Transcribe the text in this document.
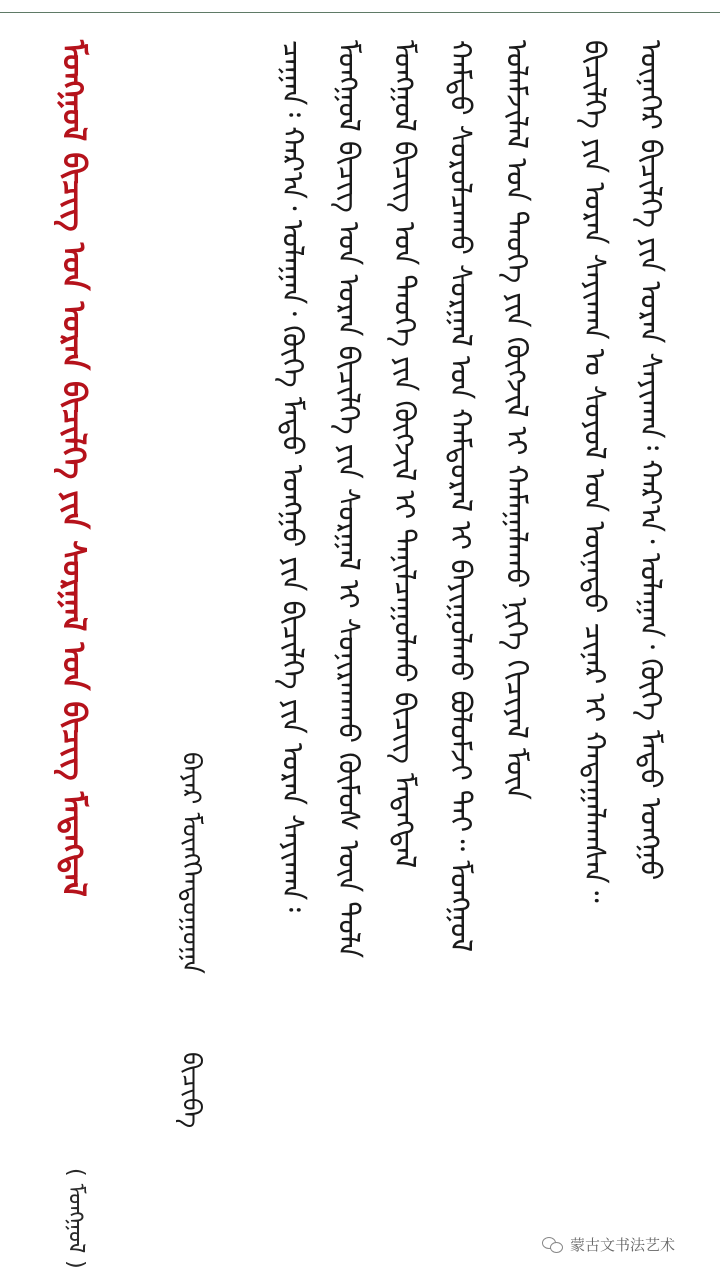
ᠮᠣᠩᠭᠣᠯ ᠪᠢᠴᠢᠭ ᠤᠨ ᠤᠷᠠᠨ ᠪᠢᠴᠢᠯᠭᠡ ᠶᠢᠨ ᠰᠤᠷᠭᠠᠯ ᠤᠨ ᠪᠢᠴᠢᠭ ᠮᠡᠳᠡᠭᠳᠡᠯ
( ᠮᠣᠩᠭᠣᠯ )
ᠪᠠᠶᠠᠷ ᠮᠥᠩᠭᠡᠨᠲᠣᠭᠣᠭᠠ ᠪᠢᠴᠢᠪᠡ
ᠴᠠᠭᠠᠨ᠄ ᠬᠠᠷ᠎ᠠ᠂ ᠤᠯᠠᠭᠠᠨ᠂ ᠬᠥᠬᠡ ᠮᠡᠲᠦ ᠣᠩᠭᠣ ᠶᠢᠨ ᠪᠢᠴᠢᠯᠭᠡ ᠶᠢᠨ ᠤᠷᠠᠨ ᠰᠠᠶᠢᠬᠠᠨ᠄ ᠮᠣᠩᠭᠣᠯ ᠪᠢᠴᠢᠭ ᠤᠨ ᠤᠷᠠᠨ ᠪᠢᠴᠢᠯᠭᠡ ᠶᠢᠨ ᠰᠤᠷᠭᠠᠯ ᠢ ᠰᠣᠨᠢᠷᠬᠠᠬᠤ ᠬᠦᠮᠦᠰ ᠦᠨ ᠲᠤᠯᠠ ᠮᠣᠩᠭᠣᠯ ᠪᠢᠴᠢᠭ ᠤᠨ ᠲᠡᠦᠬᠡ ᠶᠢᠨ ᠬᠥᠭᠵᠢᠯ ᠢ ᠲᠠᠨᠢᠯᠴᠠᠭᠤᠯᠬᠤ ᠪᠢᠴᠢᠭ ᠮᠡᠳᠡᠭᠳᠡᠯ ᠬᠠᠮᠲᠤ ᠰᠤᠷᠤᠯᠴᠠᠬᠤ ᠰᠤᠷᠭᠠᠯ ᠤᠨ ᠬᠠᠮᠲᠤᠷᠠᠯ ᠢ ᠪᠠᠶᠢᠭᠤᠯᠬᠤ ᠪᠣᠯᠣᠮᠵᠢ ᠲᠠᠶ᠃ ᠮᠣᠩᠭᠣᠯ ᠤᠯᠠᠮᠵᠢᠯᠠᠯ ᠤᠨ ᠲᠡᠦᠬᠡ ᠶᠢᠨ ᠬᠥᠭᠵᠢᠯ ᠢ ᠬᠠᠮᠠᠭᠠᠯᠠᠬᠤ ᠨᠢᠭᠡ ᠬᠢᠴᠢᠶᠡᠯ ᠮᠥᠨ ᠪᠢᠴᠢᠯᠭᠡ ᠶᠢᠨ ᠤᠷᠠᠨ ᠰᠠᠶᠢᠬᠠᠨ ᠤ ᠰᠣᠶᠣᠯ ᠤᠨ ᠦᠨᠡᠲᠦ ᠴᠢᠨᠠᠷ ᠢ ᠬᠠᠳᠠᠭᠠᠯᠠᠭᠰᠠᠨ᠃ ᠦᠨᠡᠭᠡᠷ ᠪᠢᠴᠢᠯᠭᠡ ᠶᠢᠨ ᠤᠷᠠᠨ ᠰᠠᠶᠢᠬᠠᠨ᠄ ᠬᠠᠷ᠎ᠠ᠂ ᠤᠯᠠᠭᠠᠨ᠂ ᠬᠥᠬᠡ ᠮᠡᠲᠦ ᠣᠩᠭᠣ
蒙古文书法艺术
